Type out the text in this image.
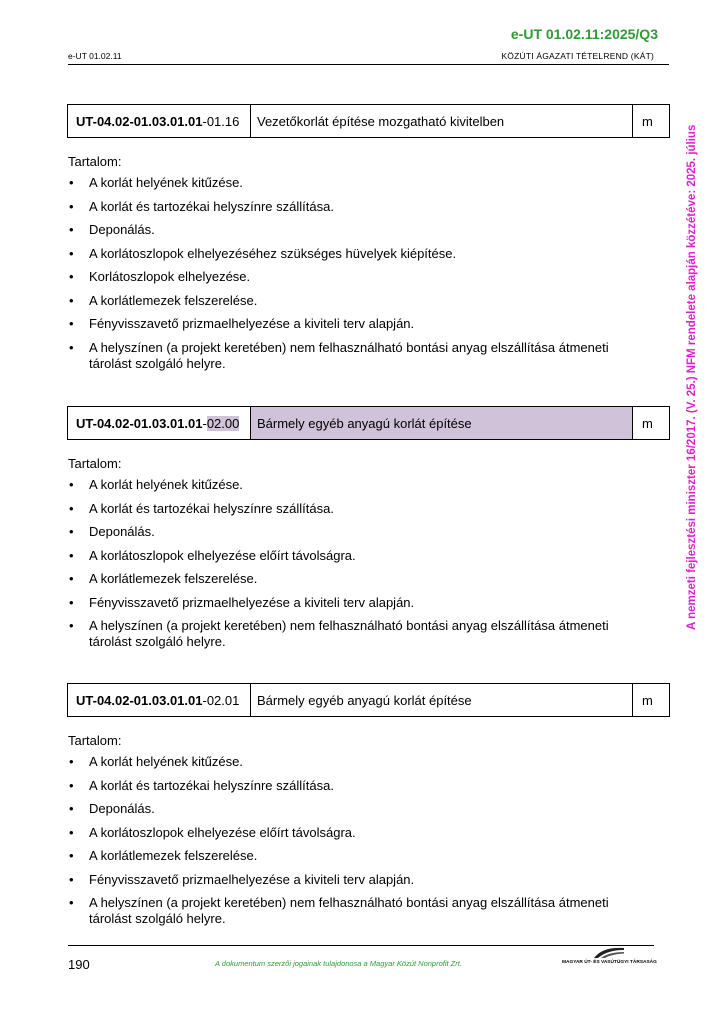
e-UT 01.02.11:2025/Q3
e-UT 01.02.11	KÖZÚTI ÁGAZATI TÉTELREND (KÁT)
UT-04.02-01.03.01.01 - 01.16	Vezetőkorlát építése mozgatható kivitelben	m
Tartalom:
• A korlát helyének kitűzése.
• A korlát és tartozékai helyszínre szállítása.
• Deponálás.
• A korlátoszlopok elhelyezéséhez szükséges hüvelyek kiépítése.
• Korlátoszlopok elhelyezése.
• A korlátlemezek felszerelése.
• Fényvisszavető prizmaelhelyezése a kiviteli terv alapján.
• A helyszínen (a projekt keretében) nem felhasználható bontási anyag elszállítása átmeneti tárolást szolgáló helyre.
UT-04.02-01.03.01.01 - 02.00	Bármely egyéb anyagú korlát építése	m
Tartalom:
• A korlát helyének kitűzése.
• A korlát és tartozékai helyszínre szállítása.
• Deponálás.
• A korlátoszlopok elhelyezése előírt távolságra.
• A korlátlemezek felszerelése.
• Fényvisszavető prizmaelhelyezése a kiviteli terv alapján.
• A helyszínen (a projekt keretében) nem felhasználható bontási anyag elszállítása átmeneti tárolást szolgáló helyre.
UT-04.02-01.03.01.01 - 02.01	Bármely egyéb anyagú korlát építése	m
Tartalom:
• A korlát helyének kitűzése.
• A korlát és tartozékai helyszínre szállítása.
• Deponálás.
• A korlátoszlopok elhelyezése előírt távolságra.
• A korlátlemezek felszerelése.
• Fényvisszavető prizmaelhelyezése a kiviteli terv alapján.
• A helyszínen (a projekt keretében) nem felhasználható bontási anyag elszállítása átmeneti tárolást szolgáló helyre.
A nemzeti fejlesztési miniszter 16/2017. (V. 25.) NFM rendelete alapján közzétéve: 2025. július
190	A dokumentum szerzői jogainak tulajdonosa a Magyar Közút Nonprofit Zrt.	MAGYAR ÚT- ÉS VASÚTÜGYI TÁRSASÁG
